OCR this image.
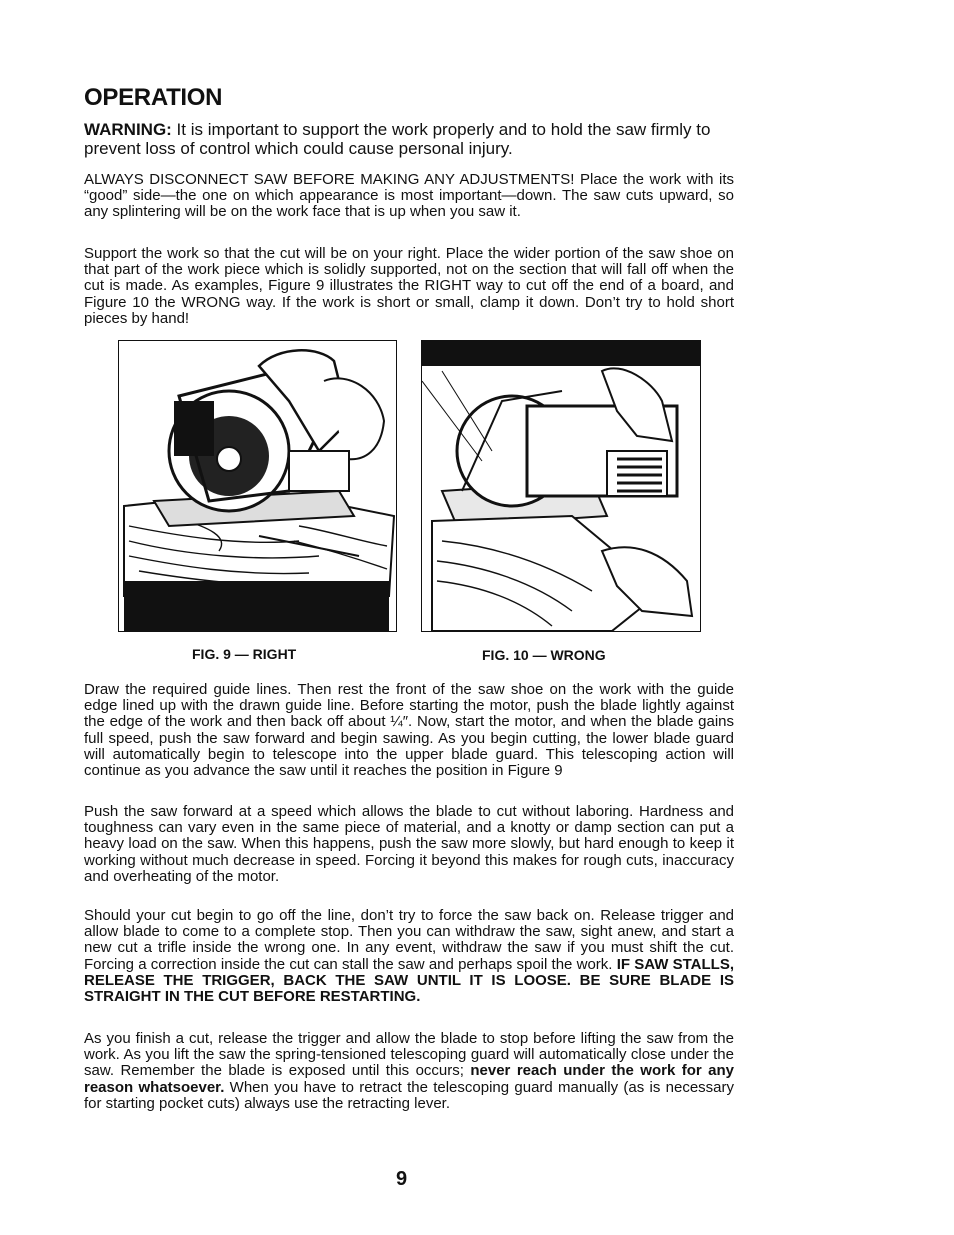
OPERATION

WARNING: It is important to support the work properly and to hold the saw firmly to prevent loss of control which could cause personal injury.

ALWAYS DISCONNECT SAW BEFORE MAKING ANY ADJUSTMENTS! Place the work with its “good” side—the one on which appearance is most important—down. The saw cuts upward, so any splintering will be on the work face that is up when you saw it.

Support the work so that the cut will be on your right. Place the wider portion of the saw shoe on that part of the work piece which is solidly supported, not on the section that will fall off when the cut is made. As examples, Figure 9 illustrates the RIGHT way to cut off the end of a board, and Figure 10 the WRONG way. If the work is short or small, clamp it down. Don’t try to hold short pieces by hand!

FIG. 9 — RIGHT	FIG. 10 — WRONG

Draw the required guide lines. Then rest the front of the saw shoe on the work with the guide edge lined up with the drawn guide line. Before starting the motor, push the blade lightly against the edge of the work and then back off about ¼″. Now, start the motor, and when the blade gains full speed, push the saw forward and begin sawing. As you begin cutting, the lower blade guard will automatically begin to telescope into the upper blade guard. This telescoping action will continue as you advance the saw until it reaches the position in Figure 9

Push the saw forward at a speed which allows the blade to cut without laboring. Hardness and toughness can vary even in the same piece of material, and a knotty or damp section can put a heavy load on the saw. When this happens, push the saw more slowly, but hard enough to keep it working without much decrease in speed. Forcing it beyond this makes for rough cuts, inaccuracy and overheating of the motor.

Should your cut begin to go off the line, don’t try to force the saw back on. Release trigger and allow blade to come to a complete stop. Then you can withdraw the saw, sight anew, and start a new cut a trifle inside the wrong one. In any event, withdraw the saw if you must shift the cut. Forcing a correction inside the cut can stall the saw and perhaps spoil the work. IF SAW STALLS, RELEASE THE TRIGGER, BACK THE SAW UNTIL IT IS LOOSE. BE SURE BLADE IS STRAIGHT IN THE CUT BEFORE RESTARTING.

As you finish a cut, release the trigger and allow the blade to stop before lifting the saw from the work. As you lift the saw the spring-tensioned telescoping guard will automatically close under the saw. Remember the blade is exposed until this occurs; never reach under the work for any reason whatsoever. When you have to retract the telescoping guard manually (as is necessary for starting pocket cuts) always use the retracting lever.

9
